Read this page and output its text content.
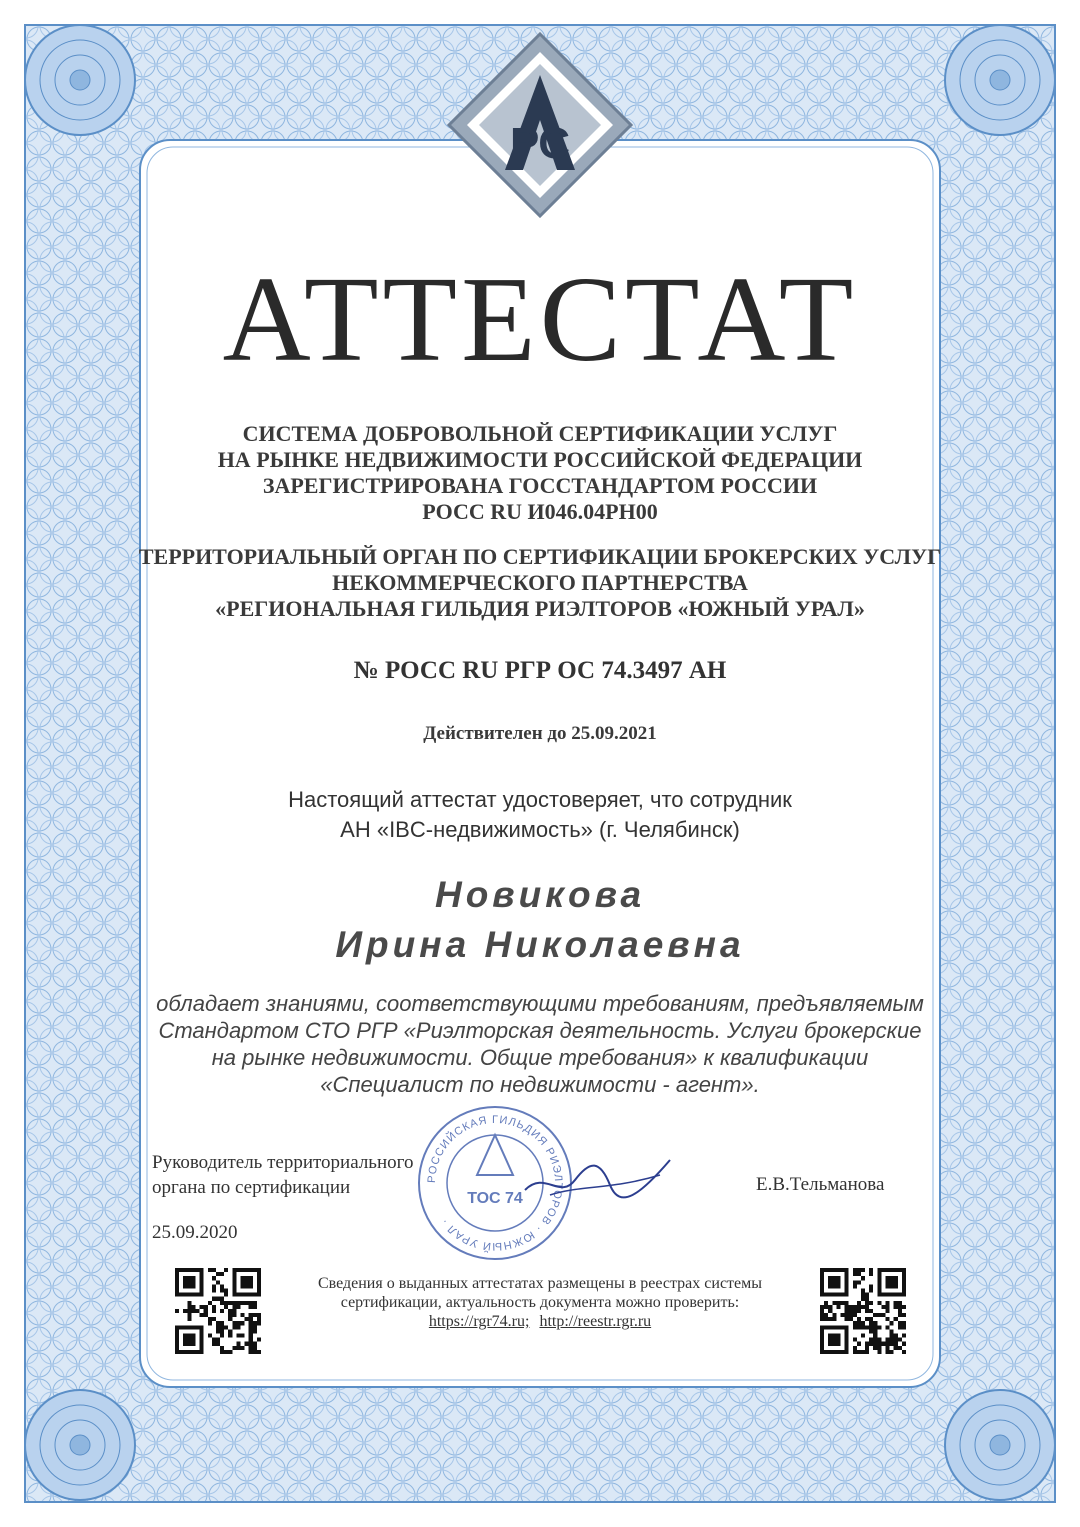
РС
АТТЕСТАТ
СИСТЕМА ДОБРОВОЛЬНОЙ СЕРТИФИКАЦИИ УСЛУГ
НА РЫНКЕ НЕДВИЖИМОСТИ РОССИЙСКОЙ ФЕДЕРАЦИИ
ЗАРЕГИСТРИРОВАНА ГОССТАНДАРТОМ РОССИИ
РОСС RU И046.04РН00
ТЕРРИТОРИАЛЬНЫЙ ОРГАН ПО СЕРТИФИКАЦИИ БРОКЕРСКИХ УСЛУГ
НЕКОММЕРЧЕСКОГО ПАРТНЕРСТВА
«РЕГИОНАЛЬНАЯ ГИЛЬДИЯ РИЭЛТОРОВ «ЮЖНЫЙ УРАЛ»
№ РОСС RU РГР ОС 74.3497 АН
Действителен до 25.09.2021
Настоящий аттестат удостоверяет, что сотрудник
АН «IBC-недвижимость» (г. Челябинск)
Новикова
Ирина Николаевна
обладает знаниями, соответствующими требованиям, предъявляемым
Стандартом СТО РГР «Риэлторская деятельность. Услуги брокерские
на рынке недвижимости. Общие требования» к квалификации
«Специалист по недвижимости - агент».
РОССИЙСКАЯ ГИЛЬДИЯ РИЭЛТОРОВ · ЮЖНЫЙ УРАЛ ·
ТОС 74
Руководитель территориального
органа по сертификации	Е.В.Тельманова
25.09.2020
Сведения о выданных аттестатах размещены в реестрах системы
сертификации, актуальность документа можно проверить:
https://rgr74.ru; http://reestr.rgr.ru
